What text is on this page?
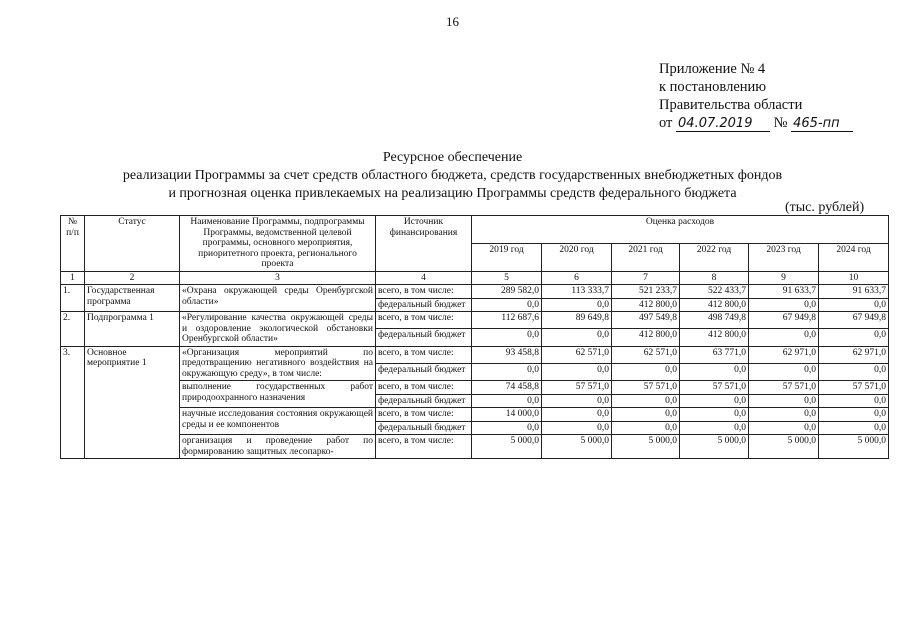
16
Приложение № 4
к постановлению
Правительства области
от 04.07.2019 № 465-пп
Ресурсное обеспечение
реализации Программы за счет средств областного бюджета, средств государственных внебюджетных фондов
и прогнозная оценка привлекаемых на реализацию Программы средств федерального бюджета
(тыс. рублей)
№ п/п	Статус	Наименование Программы, подпрограммы Программы, ведомственной целевой программы, основного мероприятия, приоритетного проекта, регионального проекта	Источник финансирования	Оценка расходов					
				2019 год	2020 год	2021 год	2022 год	2023 год	2024 год
1	2	3	4	5	6	7	8	9	10
1.	Государственная программа	«Охрана окружающей среды Оренбургской области»	всего, в том числе:	289 582,0	113 333,7	521 233,7	522 433,7	91 633,7	91 633,7
			федеральный бюджет	0,0	0,0	412 800,0	412 800,0	0,0	0,0
2.	Подпрограмма 1	«Регулирование качества окружающей среды и оздоровление экологической обстановки Оренбургской области»	всего, в том числе:	112 687,6	89 649,8	497 549,8	498 749,8	67 949,8	67 949,8
			федеральный бюджет	0,0	0,0	412 800,0	412 800,0	0,0	0,0
3.	Основное мероприятие 1	«Организация мероприятий по предотвращению негативного воздействия на окружающую среду», в том числе:	всего, в том числе:	93 458,8	62 571,0	62 571,0	63 771,0	62 971,0	62 971,0
			федеральный бюджет	0,0	0,0	0,0	0,0	0,0	0,0
		выполнение государственных работ природоохранного назначения	всего, в том числе:	74 458,8	57 571,0	57 571,0	57 571,0	57 571,0	57 571,0
			федеральный бюджет	0,0	0,0	0,0	0,0	0,0	0,0
		научные исследования состояния окружающей среды и ее компонентов	всего, в том числе:	14 000,0	0,0	0,0	0,0	0,0	0,0
			федеральный бюджет	0,0	0,0	0,0	0,0	0,0	0,0
		организация и проведение работ по формированию защитных лесопарко-	всего, в том числе:	5 000,0	5 000,0	5 000,0	5 000,0	5 000,0	5 000,0
